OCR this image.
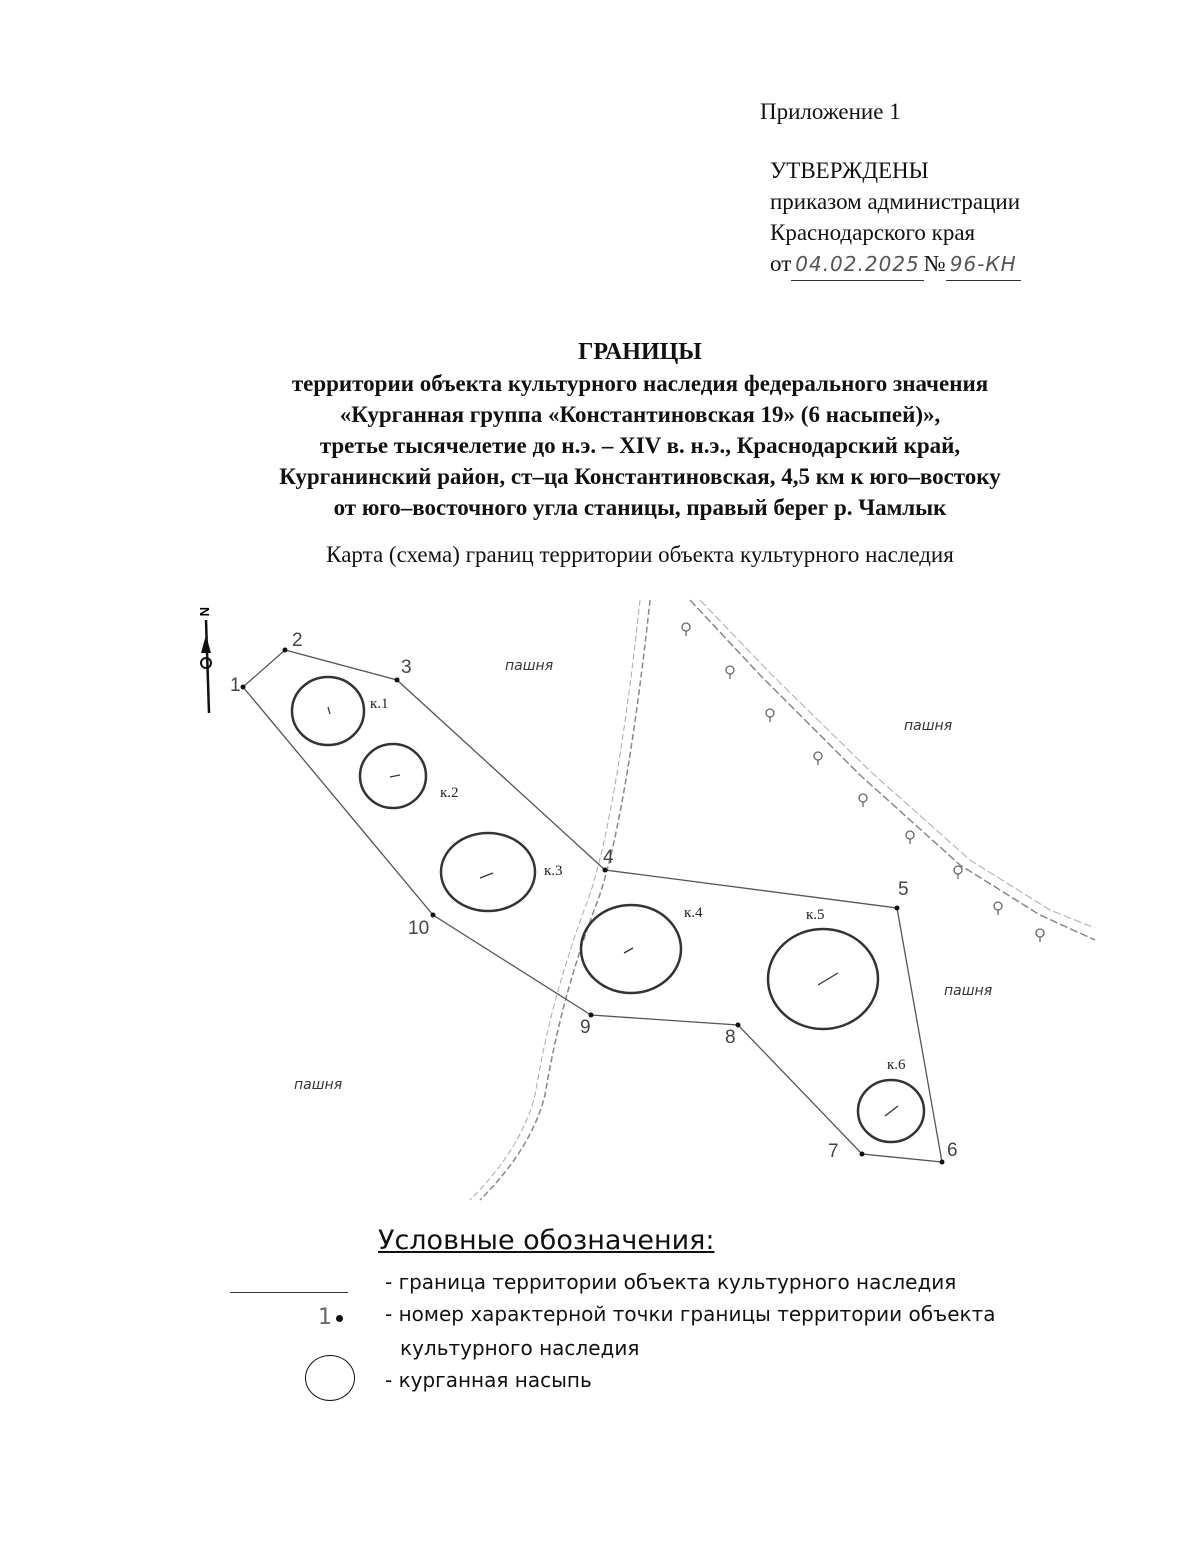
Приложение 1
УТВЕРЖДЕНЫ
приказом администрации
Краснодарского края
от 04.02.2025 № 96-КН
ГРАНИЦЫ
территории объекта культурного наследия федерального значения
«Курганная группа «Константиновская 19» (6 насыпей)»,
третье тысячелетие до н.э. – XIV в. н.э., Краснодарский край,
Курганинский район, ст–ца Константиновская, 4,5 км к юго–востоку
от юго–восточного угла станицы, правый берег р. Чамлык
Карта (схема) границ территории объекта культурного наследия
N
1
2
3
4
5
6
7
8
9
10
к.1
к.2
к.3
к.4	к.5
к.6
пашня
пашня
пашня
пашня
Условные обозначения:
- граница территории объекта культурного наследия
1	- номер характерной точки границы территории объекта
культурного наследия
- курганная насыпь
